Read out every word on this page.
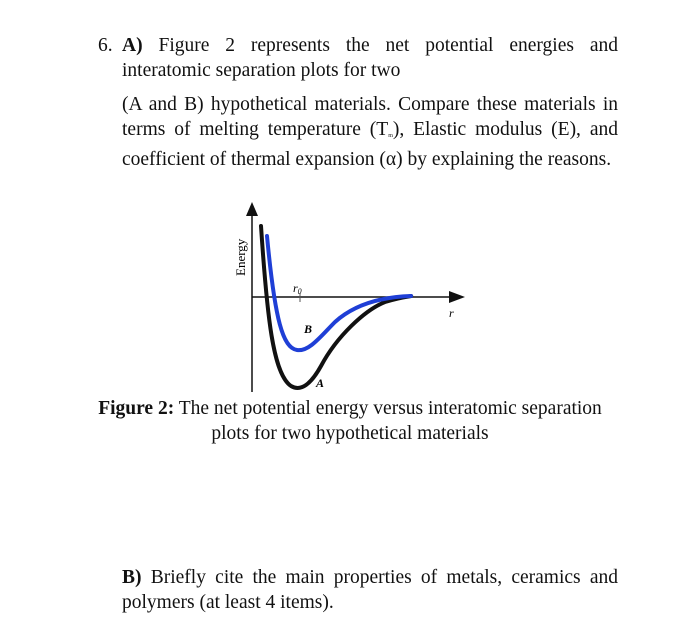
6. A) Figure 2 represents the net potential energies and interatomic separation plots for two
(A and B) hypothetical materials. Compare these materials in terms of melting temperature $(T_m)$, Elastic modulus (E), and coefficient of thermal expansion (α) by explaining the reasons.
Energy
r
r0
B
A
Figure 2: The net potential energy versus interatomic separation plots for two hypothetical materials
B) Briefly cite the main properties of metals, ceramics and polymers (at least 4 items).
